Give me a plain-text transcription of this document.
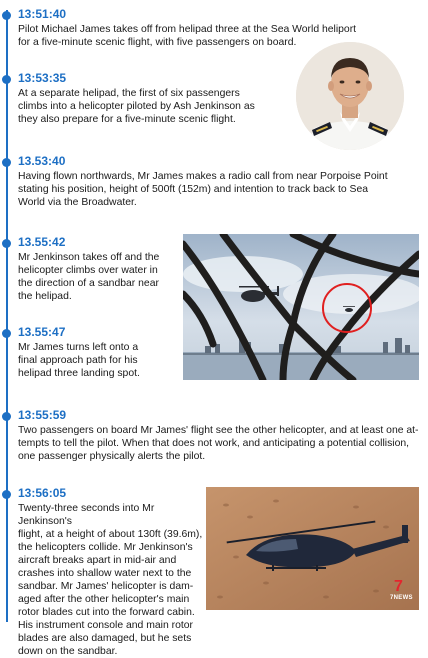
13:51:40
Pilot Michael James takes off from helipad three at the Sea World heliport
for a five-minute scenic flight, with five passengers on board.
13:53:35
At a separate helipad, the first of six passengers
climbs into a helicopter piloted by Ash Jenkinson as
they also prepare for a five-minute scenic flight.
13.53:40
Having flown northwards, Mr James makes a radio call from near Porpoise Point
stating his position, height of 500ft (152m) and intention to track back to Sea
World via the Broadwater.
13.55:42
Mr Jenkinson takes off and the
helicopter climbs over water in
the direction of a sandbar near
the helipad.
13.55:47
Mr James turns left onto a
final approach path for his
helipad three landing spot.
13:55:59
Two passengers on board Mr James' flight see the other helicopter, and at least one at-
tempts to tell the pilot. When that does not work, and anticipating a potential collision,
one passenger physically alerts the pilot.
13:56:05
Twenty-three seconds into Mr Jenkinson's
flight, at a height of about 130ft (39.6m),
the helicopters collide. Mr Jenkinson's
aircraft breaks apart in mid-air and
crashes into shallow water next to the
sandbar. Mr James' helicopter is dam-
aged after the other helicopter's main
rotor blades cut into the forward cabin.
His instrument console and main rotor
blades are also damaged, but he sets
down on the sandbar.
7
7NEWS
